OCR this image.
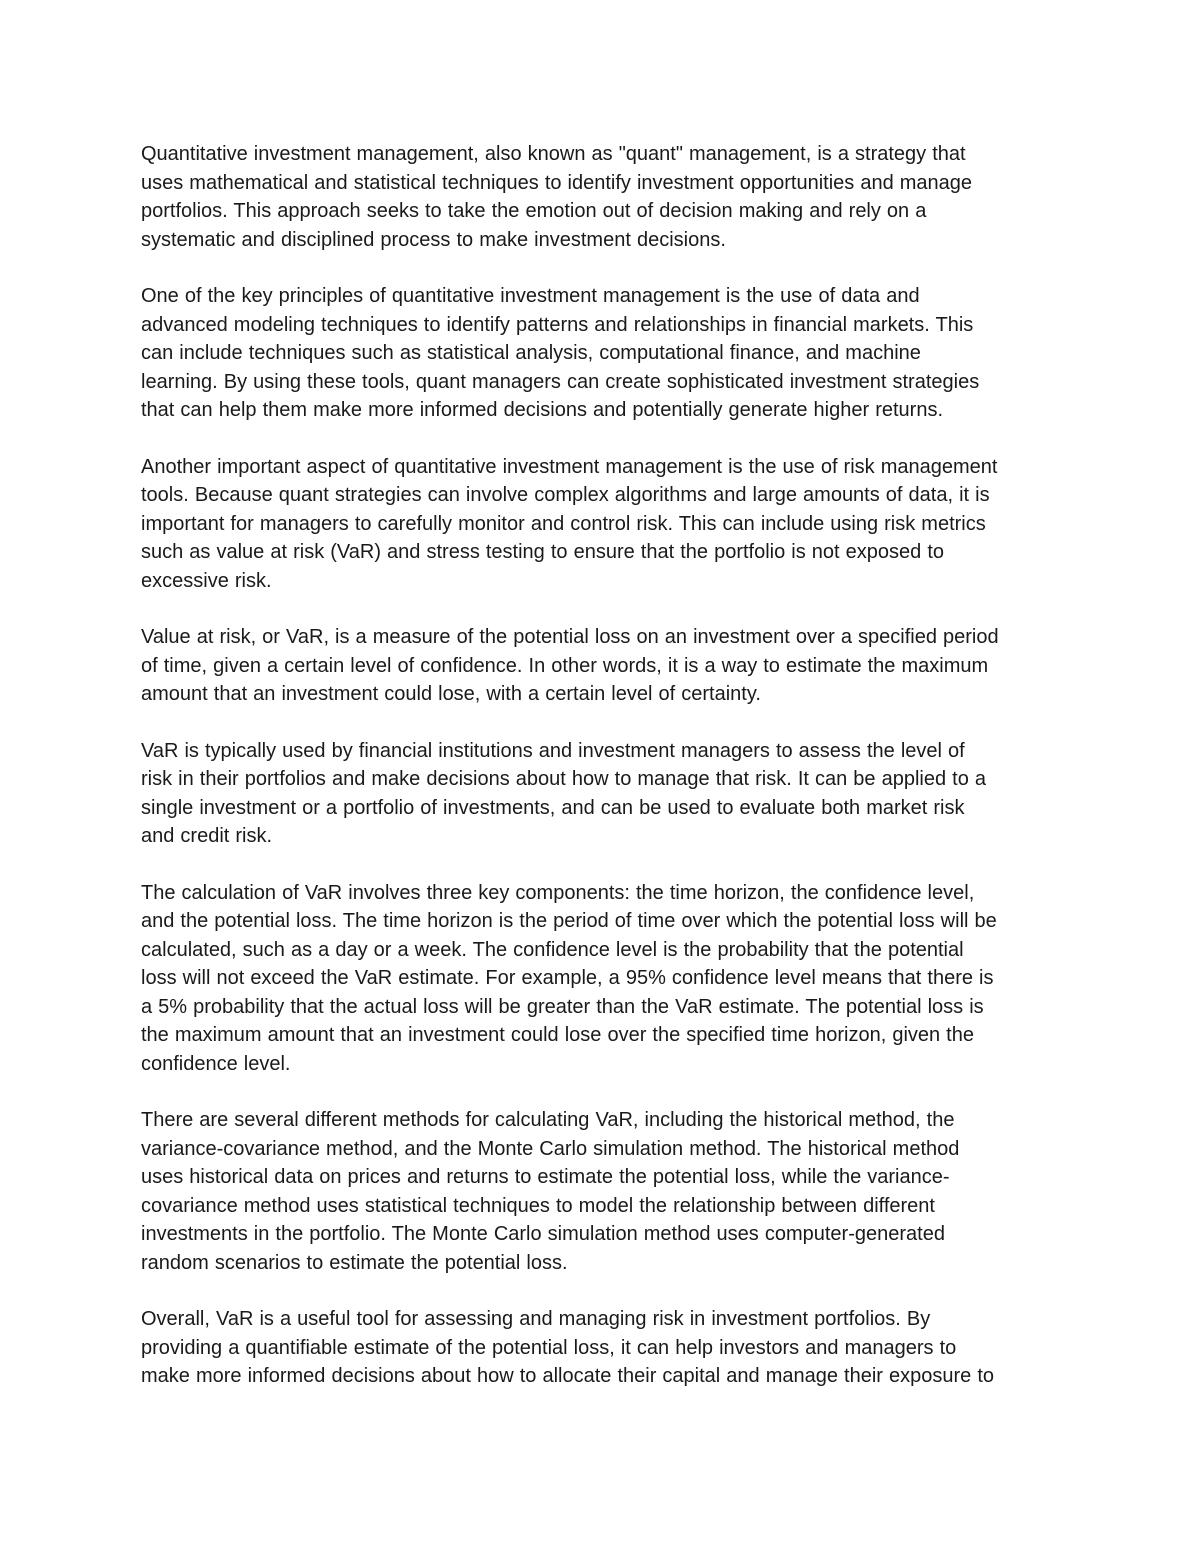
Quantitative investment management, also known as "quant" management, is a strategy that
uses mathematical and statistical techniques to identify investment opportunities and manage
portfolios. This approach seeks to take the emotion out of decision making and rely on a
systematic and disciplined process to make investment decisions.

One of the key principles of quantitative investment management is the use of data and
advanced modeling techniques to identify patterns and relationships in financial markets. This
can include techniques such as statistical analysis, computational finance, and machine
learning. By using these tools, quant managers can create sophisticated investment strategies
that can help them make more informed decisions and potentially generate higher returns.

Another important aspect of quantitative investment management is the use of risk management
tools. Because quant strategies can involve complex algorithms and large amounts of data, it is
important for managers to carefully monitor and control risk. This can include using risk metrics
such as value at risk (VaR) and stress testing to ensure that the portfolio is not exposed to
excessive risk.

Value at risk, or VaR, is a measure of the potential loss on an investment over a specified period
of time, given a certain level of confidence. In other words, it is a way to estimate the maximum
amount that an investment could lose, with a certain level of certainty.

VaR is typically used by financial institutions and investment managers to assess the level of
risk in their portfolios and make decisions about how to manage that risk. It can be applied to a
single investment or a portfolio of investments, and can be used to evaluate both market risk
and credit risk.

The calculation of VaR involves three key components: the time horizon, the confidence level,
and the potential loss. The time horizon is the period of time over which the potential loss will be
calculated, such as a day or a week. The confidence level is the probability that the potential
loss will not exceed the VaR estimate. For example, a 95% confidence level means that there is
a 5% probability that the actual loss will be greater than the VaR estimate. The potential loss is
the maximum amount that an investment could lose over the specified time horizon, given the
confidence level.

There are several different methods for calculating VaR, including the historical method, the
variance-covariance method, and the Monte Carlo simulation method. The historical method
uses historical data on prices and returns to estimate the potential loss, while the variance-
covariance method uses statistical techniques to model the relationship between different
investments in the portfolio. The Monte Carlo simulation method uses computer-generated
random scenarios to estimate the potential loss.

Overall, VaR is a useful tool for assessing and managing risk in investment portfolios. By
providing a quantifiable estimate of the potential loss, it can help investors and managers to
make more informed decisions about how to allocate their capital and manage their exposure to
